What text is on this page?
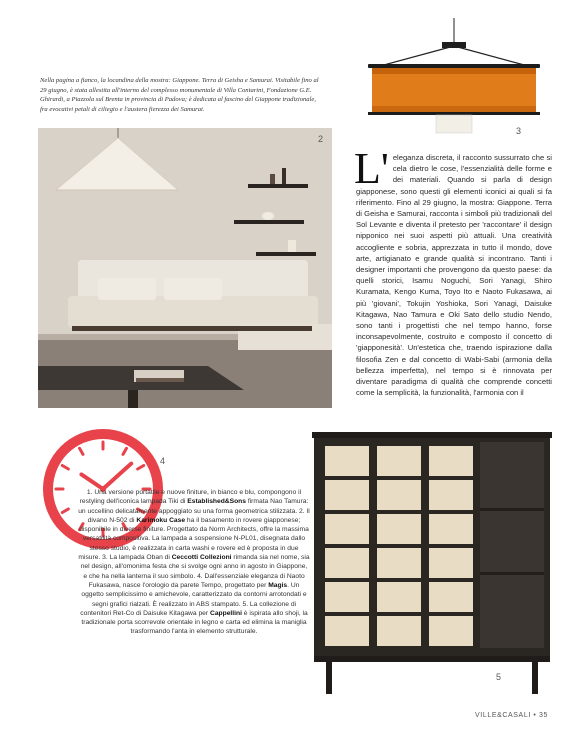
Nella pagina a fianco, la locandina della mostra: Giappone. Terra di Geisha e Samurai. Visitabile fino al 29 giugno, è stata allestita all'interno del complesso monumentale di Villa Contarini, Fondazione G.E. Ghirardi, a Piazzola sul Brenta in provincia di Padova; è dedicata al fascino del Giappone tradizionale, fra evocativi petali di ciliegio e l'austera fierezza dei Samurai.

3
2
L' eleganza discreta, il racconto sussurrato che si cela dietro le cose, l'essenzialità delle forme e dei materiali. Quando si parla di design giapponese, sono questi gli elementi iconici ai quali si fa riferimento. Fino al 29 giugno, la mostra: Giappone. Terra di Geisha e Samurai, racconta i simboli più tradizionali del Sol Levante e diventa il pretesto per 'raccontare' il design nipponico nei suoi aspetti più attuali. Una creatività accogliente e sobria, apprezzata in tutto il mondo, dove arte, artigianato e grande qualità si incontrano. Tanti i designer importanti che provengono da questo paese: da quelli storici, Isamu Noguchi, Sori Yanagi, Shiro Kuramata, Kengo Kuma, Toyo Ito e Naoto Fukasawa, ai più 'giovani', Tokujin Yoshioka, Sori Yanagi, Daisuke Kitagawa, Nao Tamura e Oki Sato dello studio Nendo, sono tanti i progettisti che nel tempo hanno, forse inconsapevolmente, costruito e composto il concetto di 'giapponesità'. Un'estetica che, traendo ispirazione dalla filosofia Zen e dal concetto di Wabi-Sabi (armonia della bellezza imperfetta), nel tempo si è rinnovata per diventare paradigma di qualità che comprende concetti come la semplicità, la funzionalità, l'armonia con il

4
1. Una versione portatile e nuove finiture, in bianco e blu, compongono il restyling dell'iconica lampada Tiki di Established&Sons firmata Nao Tamura: un uccellino delicatamente appoggiato su una forma geometrica stilizzata. 2. Il divano N-502 di Karimoku Case ha il basamento in rovere giapponese; disponibile in diverse finiture. Progettato da Norm Architects, offre la massima versatilità compositiva. La lampada a sospensione N-PL01, disegnata dallo stesso studio, è realizzata in carta washi e rovere ed è proposta in due misure. 3. La lampada Oban di Ceccotti Collezioni rimanda sia nel nome, sia nel design, all'omonima festa che si svolge ogni anno in agosto in Giappone, e che ha nella lanterna il suo simbolo. 4. Dall'essenziale eleganza di Naoto Fukasawa, nasce l'orologio da parete Tempo, progettato per Magis. Un oggetto semplicissimo e amichevole, caratterizzato da contorni arrotondati e segni grafici rialzati. È realizzato in ABS stampato. 5. La collezione di contenitori Ret-Co di Daisuke Kitagawa per Cappellini è ispirata allo shoji, la tradizionale porta scorrevole orientale in legno e carta ed elimina la maniglia trasformando l'anta in elemento strutturale.
5
VILLE&CASALI • 35
